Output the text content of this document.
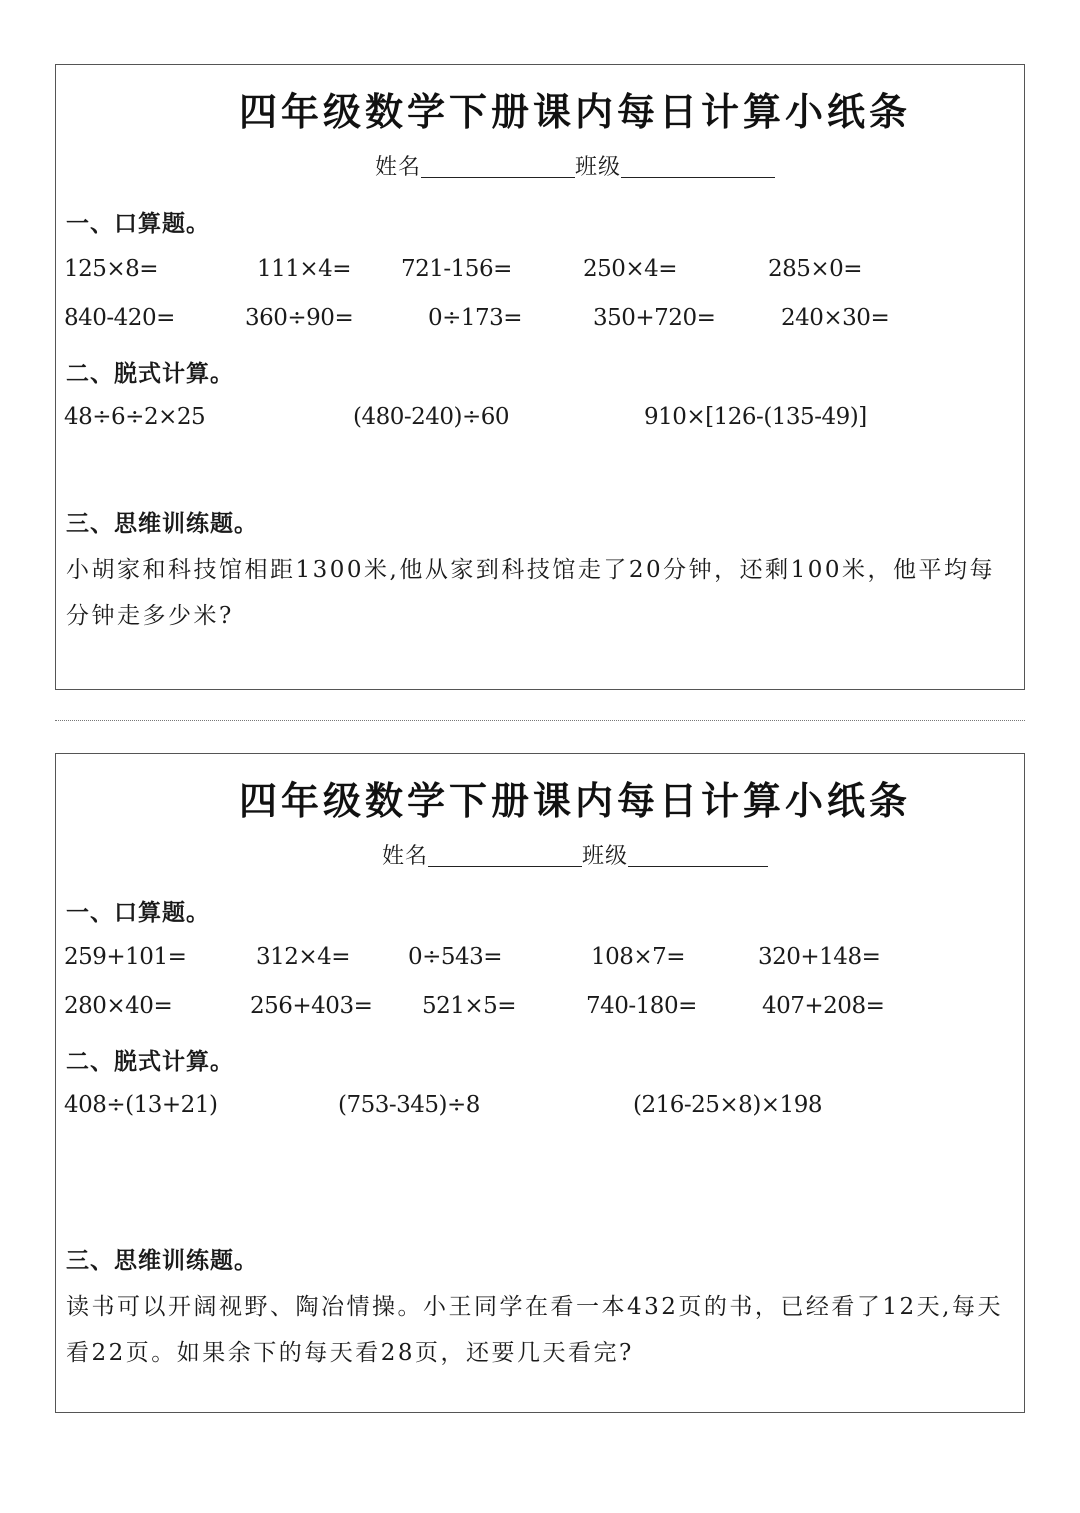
四年级数学下册课内每日计算小纸条
姓名	班级
一、口算题。
125×8=	111×4= 721-156=	250×4=	285×0=
840-420=	360÷90=	0÷173=	350+720=	240×30=
二、脱式计算。
48÷6÷2×25	(480-240)÷60	910×[126-(135-49)]
三、思维训练题。
小胡家和科技馆相距1300米,他从家到科技馆走了20分钟，还剩100米，他平均每分钟走多少米?
四年级数学下册课内每日计算小纸条
姓名	班级
一、口算题。
259+101=	312×4=	0÷543=	108×7=	320+148=
280×40=	256+403= 521×5=	740-180=	407+208=
二、脱式计算。
408÷(13+21)	(753-345)÷8	(216-25×8)×198
三、思维训练题。
读书可以开阔视野、陶冶情操。小王同学在看一本432页的书，已经看了12天,每天看22页。如果余下的每天看28页，还要几天看完?
